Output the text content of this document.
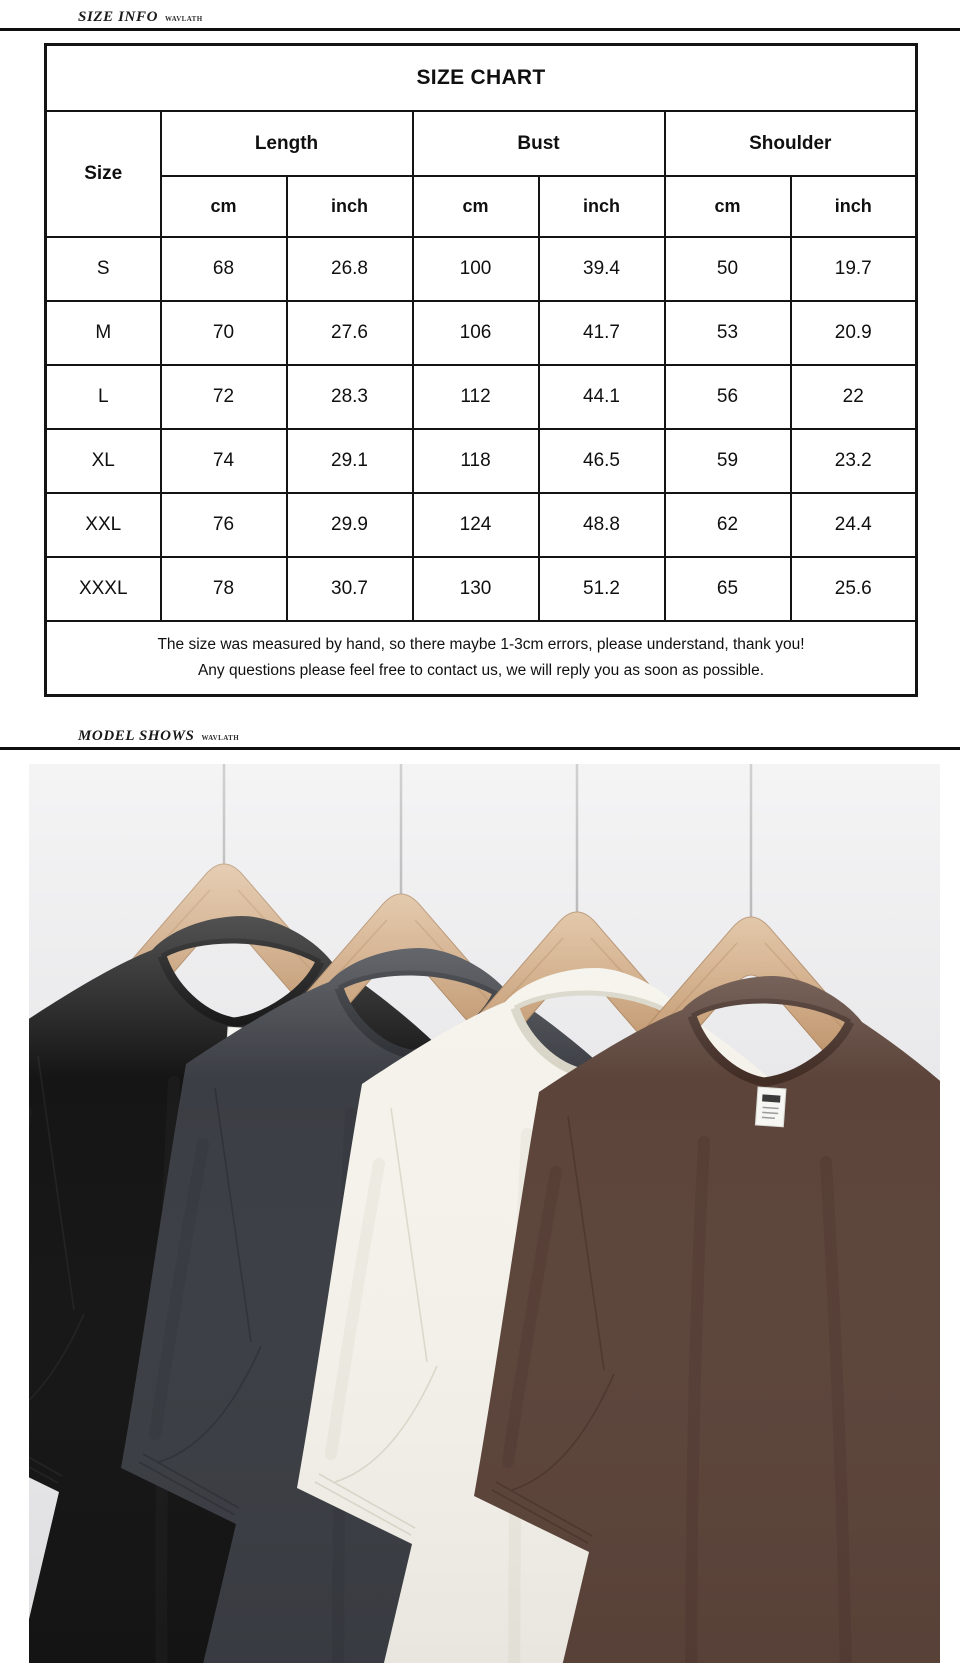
SIZE INFO WAVLATH
SIZE CHART						
Size	Length		Bust		Shoulder	
	cm	inch	cm	inch	cm	inch
S	68	26.8	100	39.4	50	19.7
M	70	27.6	106	41.7	53	20.9
L	72	28.3	112	44.1	56	22
XL	74	29.1	118	46.5	59	23.2
XXL	76	29.9	124	48.8	62	24.4
XXXL	78	30.7	130	51.2	65	25.6

The size was measured by hand, so there maybe 1-3cm errors, please understand, thank you!
Any questions please feel free to contact us, we will reply you as soon as possible.						
MODEL SHOWS WAVLATH
